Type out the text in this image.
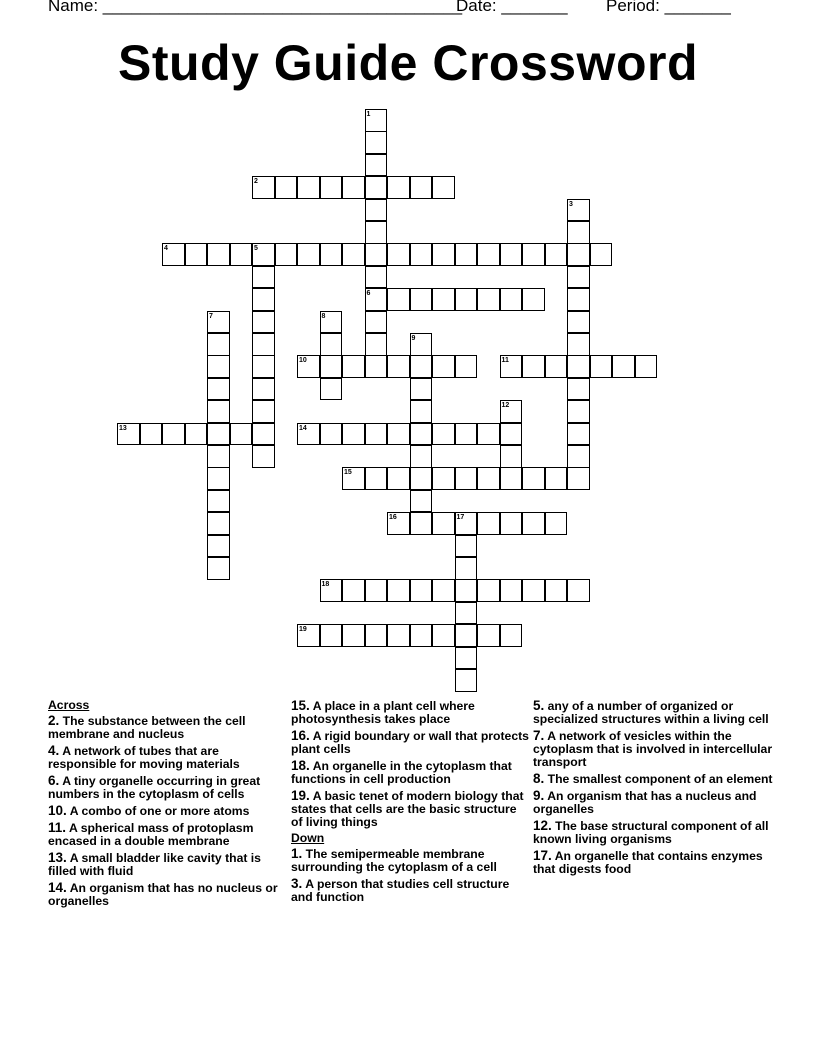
Name: ______________________________________
Date: _______ Period: _______
Study Guide Crossword
1
2
3
4	5
6
7	8
9
10	11
12
13	14
15
16	17
18
19

Across

2. The substance between the cell membrane and nucleus

4. A network of tubes that are responsible for moving materials

6. A tiny organelle occurring in great numbers in the cytoplasm of cells

10. A combo of one or more atoms

11. A spherical mass of protoplasm encased in a double membrane

13. A small bladder like cavity that is filled with fluid

14. An organism that has no nucleus or organelles

15. A place in a plant cell where photosynthesis takes place

16. A rigid boundary or wall that protects plant cells

18. An organelle in the cytoplasm that functions in cell production

19. A basic tenet of modern biology that states that cells are the basic structure of living things

Down

1. The semipermeable membrane surrounding the cytoplasm of a cell

3. A person that studies cell structure and function

5. any of a number of organized or specialized structures within a living cell

7. A network of vesicles within the cytoplasm that is involved in intercellular transport

8. The smallest component of an element

9. An organism that has a nucleus and organelles

12. The base structural component of all known living organisms

17. An organelle that contains enzymes that digests food
